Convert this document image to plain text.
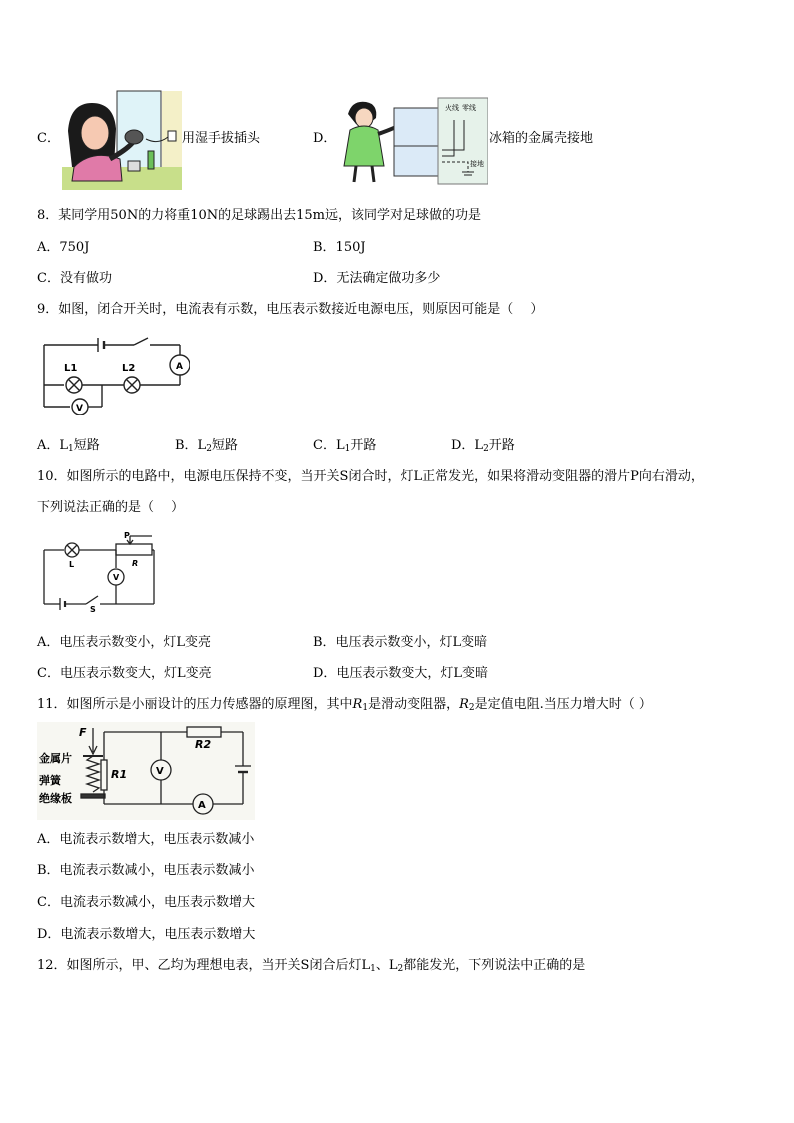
C．	用湿手拔插头	D．
火线 零线
接地
冰箱的金属壳接地
8．某同学用50N的力将重10N的足球踢出去15m远，该同学对足球做的功是
A．750J	B．150J
C．没有做功	D．无法确定做功多少
9．如图，闭合开关时，电流表有示数，电压表示数接近电源电压，则原因可能是（　 ）
L1	L2	A
V
A．$L_1$短路	B．$L_2$短路	C．$L_1$开路	D．$L_2$开路
10．如图所示的电路中，电源电压保持不变，当开关S闭合时，灯L正常发光，如果将滑动变阻器的滑片P向右滑动，
下列说法正确的是（　 ）
L
P
R
V
S
A．电压表示数变小，灯L变亮	B．电压表示数变小，灯L变暗
C．电压表示数变大，灯L变亮	D．电压表示数变大，灯L变暗
11．如图所示是小丽设计的压力传感器的原理图，其中$R_1$是滑动变阻器，$R_2$是定值电阻.当压力增大时（ ）
F
金属片
弹簧
绝缘板
R1
R2
V
A
A．电流表示数增大，电压表示数减小
B．电流表示数减小，电压表示数减小
C．电流表示数减小，电压表示数增大
D．电流表示数增大，电压表示数增大
12．如图所示，甲、乙均为理想电表，当开关S闭合后灯$L_1$、$L_2$都能发光，下列说法中正确的是
